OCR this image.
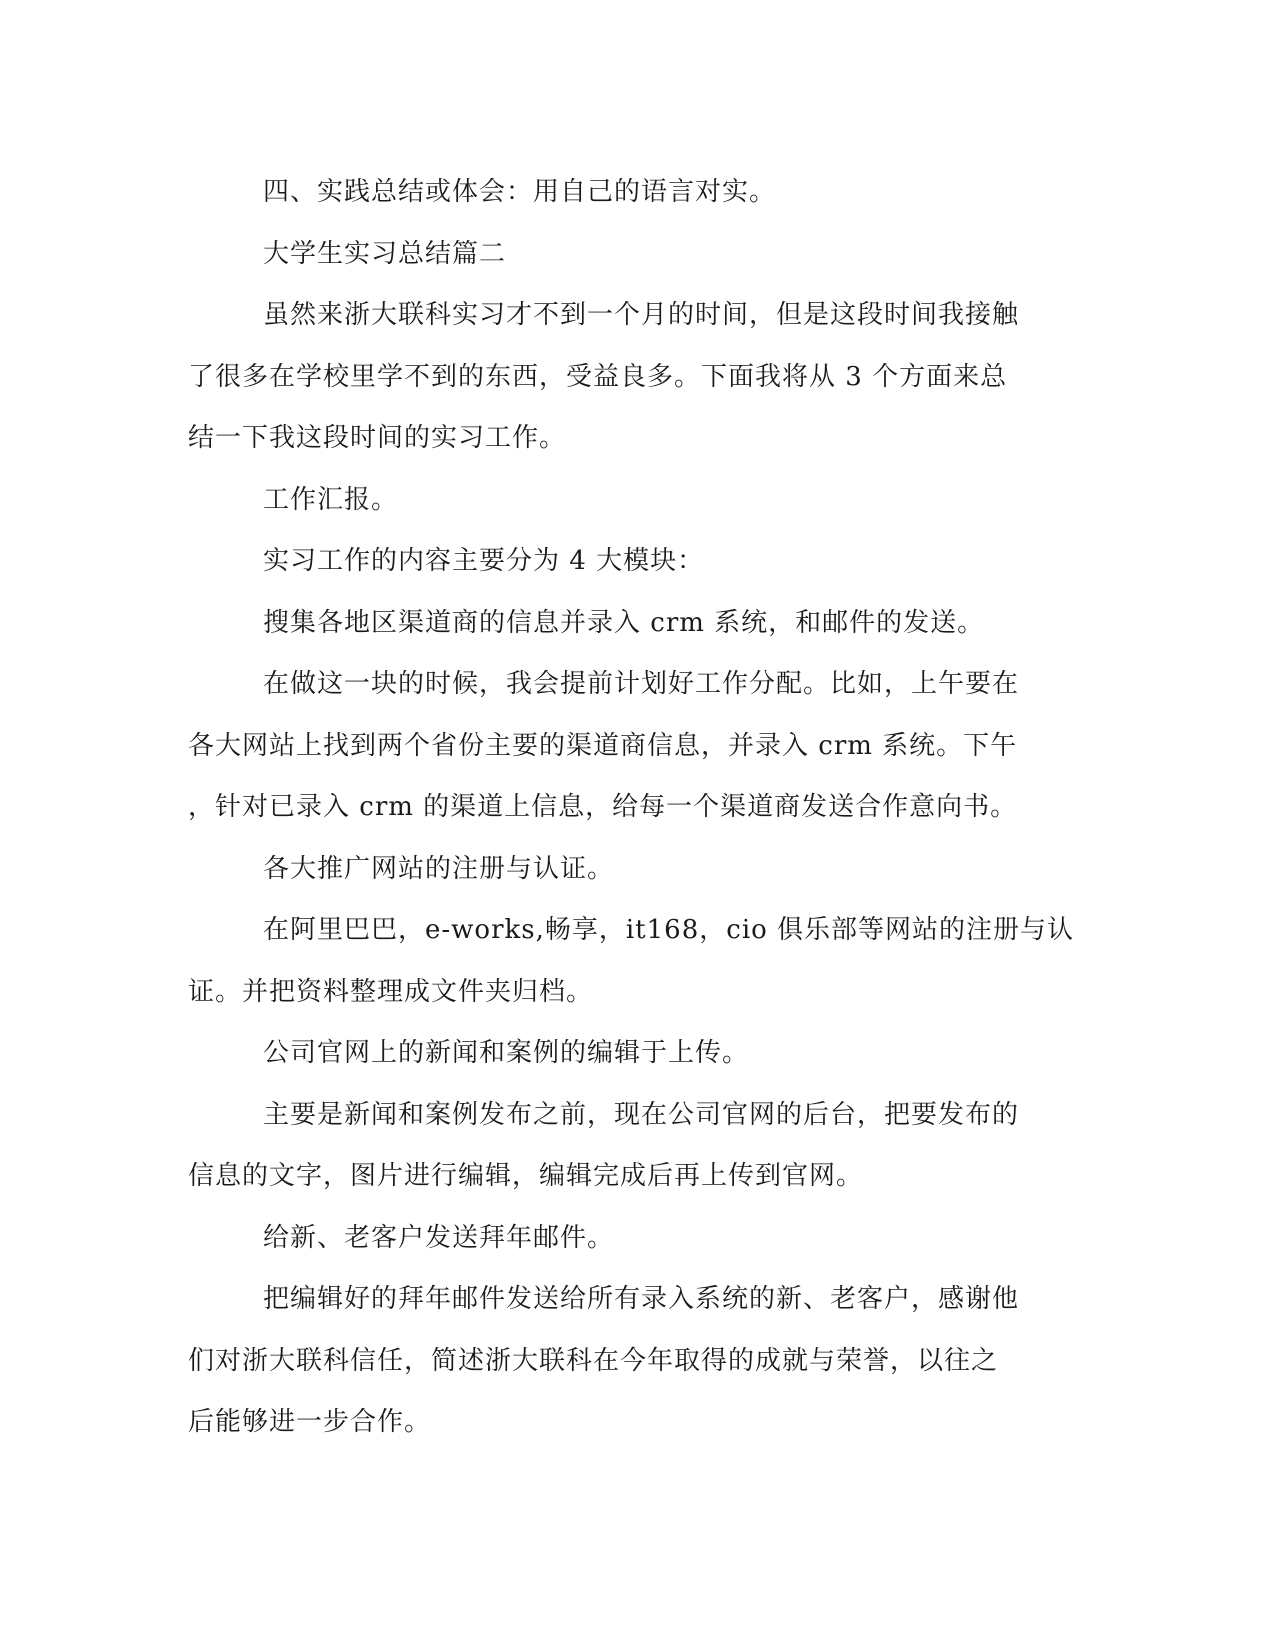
四、实践总结或体会：用自己的语言对实。
大学生实习总结篇二
虽然来浙大联科实习才不到一个月的时间，但是这段时间我接触
了很多在学校里学不到的东西，受益良多。下面我将从 3 个方面来总
结一下我这段时间的实习工作。
工作汇报。
实习工作的内容主要分为 4 大模块：
搜集各地区渠道商的信息并录入 crm 系统，和邮件的发送。
在做这一块的时候，我会提前计划好工作分配。比如，上午要在
各大网站上找到两个省份主要的渠道商信息，并录入 crm 系统。下午
，针对已录入 crm 的渠道上信息，给每一个渠道商发送合作意向书。
各大推广网站的注册与认证。
在阿里巴巴，e-works,畅享，it168，cio 俱乐部等网站的注册与认
证。并把资料整理成文件夹归档。
公司官网上的新闻和案例的编辑于上传。
主要是新闻和案例发布之前，现在公司官网的后台，把要发布的
信息的文字，图片进行编辑，编辑完成后再上传到官网。
给新、老客户发送拜年邮件。
把编辑好的拜年邮件发送给所有录入系统的新、老客户，感谢他
们对浙大联科信任，简述浙大联科在今年取得的成就与荣誉，以往之
后能够进一步合作。
